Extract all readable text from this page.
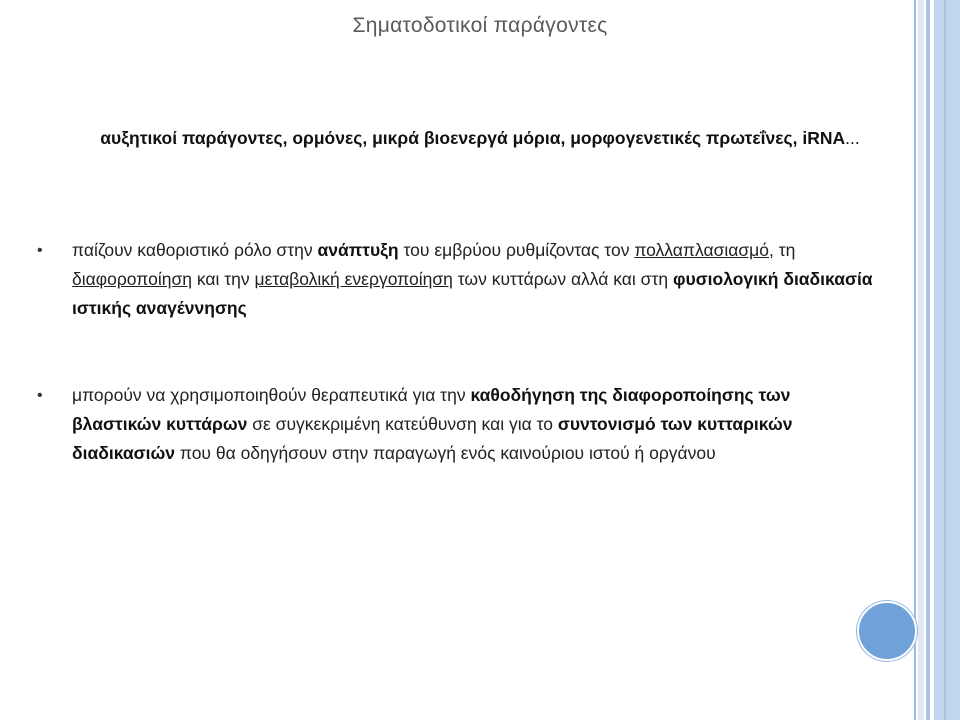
Σηματοδοτικοί παράγοντες
αυξητικοί παράγοντες, ορμόνες, μικρά βιοενεργά μόρια, μορφογενετικές πρωτεΐνες, iRNA...
• παίζουν καθοριστικό ρόλο στην ανάπτυξη του εμβρύου ρυθμίζοντας τον πολλαπλασιασμό, τη διαφοροποίηση και την μεταβολική ενεργοποίηση των κυττάρων αλλά και στη φυσιολογική διαδικασία ιστικής αναγέννησης
• μπορούν να χρησιμοποιηθούν θεραπευτικά για την καθοδήγηση της διαφοροποίησης των βλαστικών κυττάρων σε συγκεκριμένη κατεύθυνση και για το συντονισμό των κυτταρικών διαδικασιών που θα οδηγήσουν στην παραγωγή ενός καινούριου ιστού ή οργάνου
